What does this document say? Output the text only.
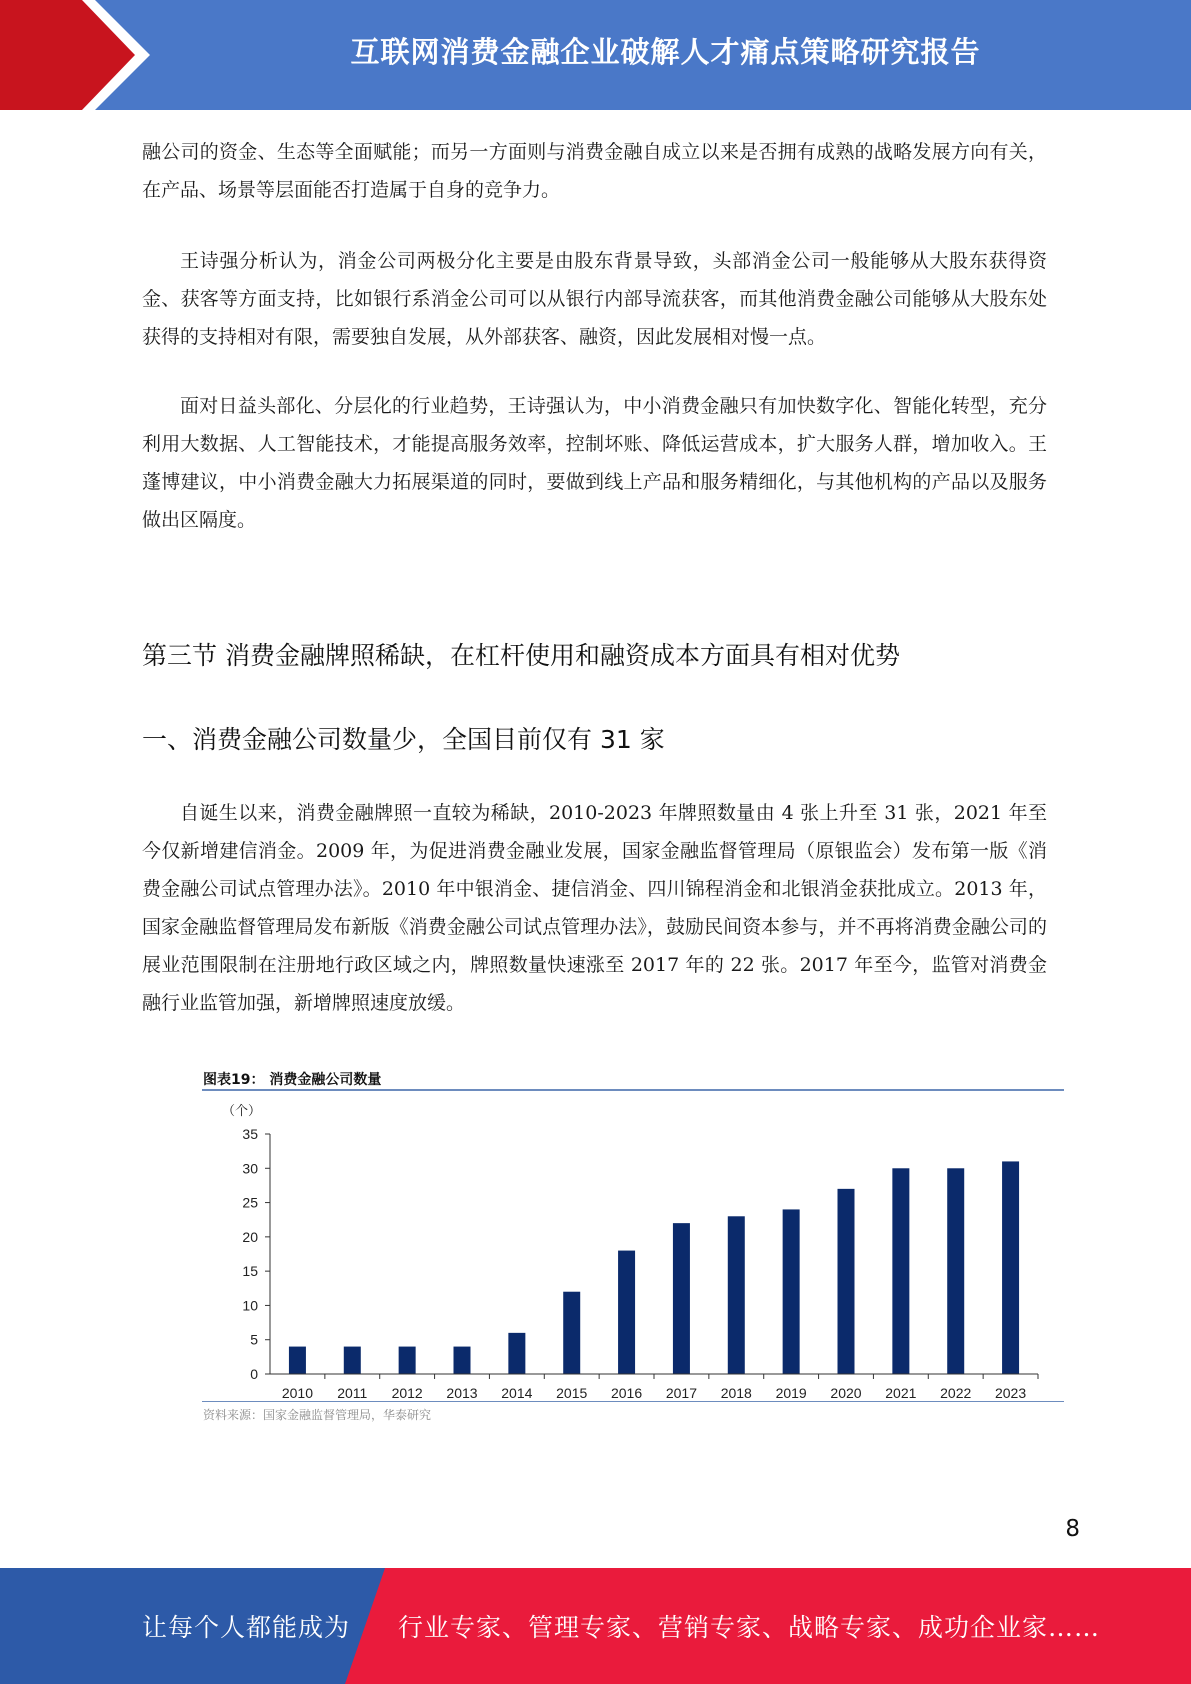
互联网消费金融企业破解人才痛点策略研究报告

融公司的资金、生态等全面赋能；而另一方面则与消费金融自成立以来是否拥有成熟的战略发展方向有关，在产品、场景等层面能否打造属于自身的竞争力。

王诗强分析认为，消金公司两极分化主要是由股东背景导致，头部消金公司一般能够从大股东获得资金、获客等方面支持，比如银行系消金公司可以从银行内部导流获客，而其他消费金融公司能够从大股东处获得的支持相对有限，需要独自发展，从外部获客、融资，因此发展相对慢一点。

面对日益头部化、分层化的行业趋势，王诗强认为，中小消费金融只有加快数字化、智能化转型，充分利用大数据、人工智能技术，才能提高服务效率，控制坏账、降低运营成本，扩大服务人群，增加收入。王蓬博建议，中小消费金融大力拓展渠道的同时，要做到线上产品和服务精细化，与其他机构的产品以及服务做出区隔度。

第三节 消费金融牌照稀缺，在杠杆使用和融资成本方面具有相对优势
一、消费金融公司数量少，全国目前仅有 31 家

自诞生以来，消费金融牌照一直较为稀缺，2010-2023 年牌照数量由 4 张上升至 31 张，2021 年至今仅新增建信消金。2009 年，为促进消费金融业发展，国家金融监督管理局（原银监会）发布第一版《消费金融公司试点管理办法》。2010 年中银消金、捷信消金、四川锦程消金和北银消金获批成立。2013 年，国家金融监督管理局发布新版《消费金融公司试点管理办法》，鼓励民间资本参与，并不再将消费金融公司的展业范围限制在注册地行政区域之内，牌照数量快速涨至 2017 年的 22 张。2017 年至今，监管对消费金融行业监管加强，新增牌照速度放缓。

图表19： 消费金融公司数量
（个）
0
5
10
15
20
25
30
35
2010 2011 2012 2013 2014 2015 2016 2017 2018 2019 2020 2021 2022 2023
资料来源：国家金融监督管理局，华泰研究
8
让每个人都能成为 行业专家、管理专家、营销专家、战略专家、成功企业家……
